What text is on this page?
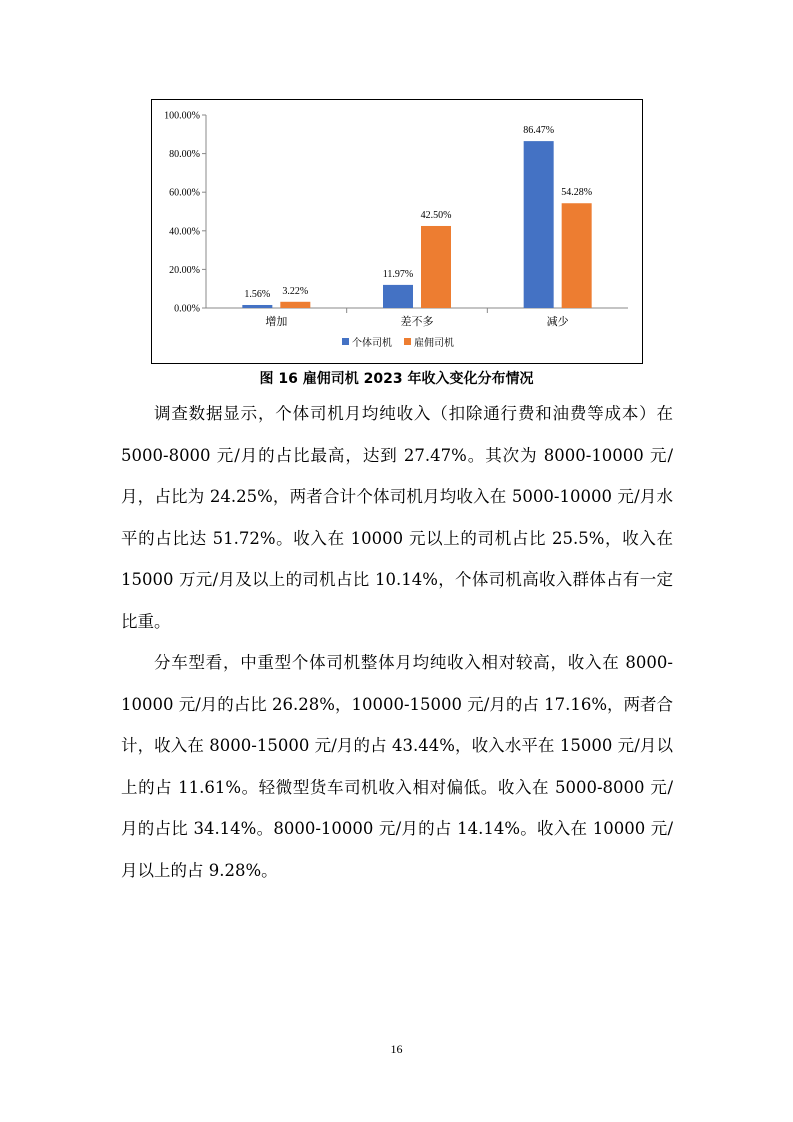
0.00%
20.00%
40.00%
60.00%
80.00%
100.00%
1.56% 3.22%
增加
11.97%
42.50%
差不多
86.47%
54.28%
减少
个体司机 雇佣司机
图 16 雇佣司机 2023 年收入变化分布情况

调查数据显示，个体司机月均纯收入（扣除通行费和油费等成本）在 5000-8000 元/月的占比最高，达到 27.47%。其次为 8000-10000 元/月，占比为 24.25%，两者合计个体司机月均收入在 5000-10000 元/月水平的占比达 51.72%。收入在 10000 元以上的司机占比 25.5%，收入在 15000 万元/月及以上的司机占比 10.14%，个体司机高收入群体占有一定比重。

分车型看，中重型个体司机整体月均纯收入相对较高，收入在 8000-10000 元/月的占比 26.28%，10000-15000 元/月的占 17.16%，两者合计，收入在 8000-15000 元/月的占 43.44%，收入水平在 15000 元/月以上的占 11.61%。轻微型货车司机收入相对偏低。收入在 5000-8000 元/月的占比 34.14%。8000-10000 元/月的占 14.14%。收入在 10000 元/月以上的占 9.28%。

16
